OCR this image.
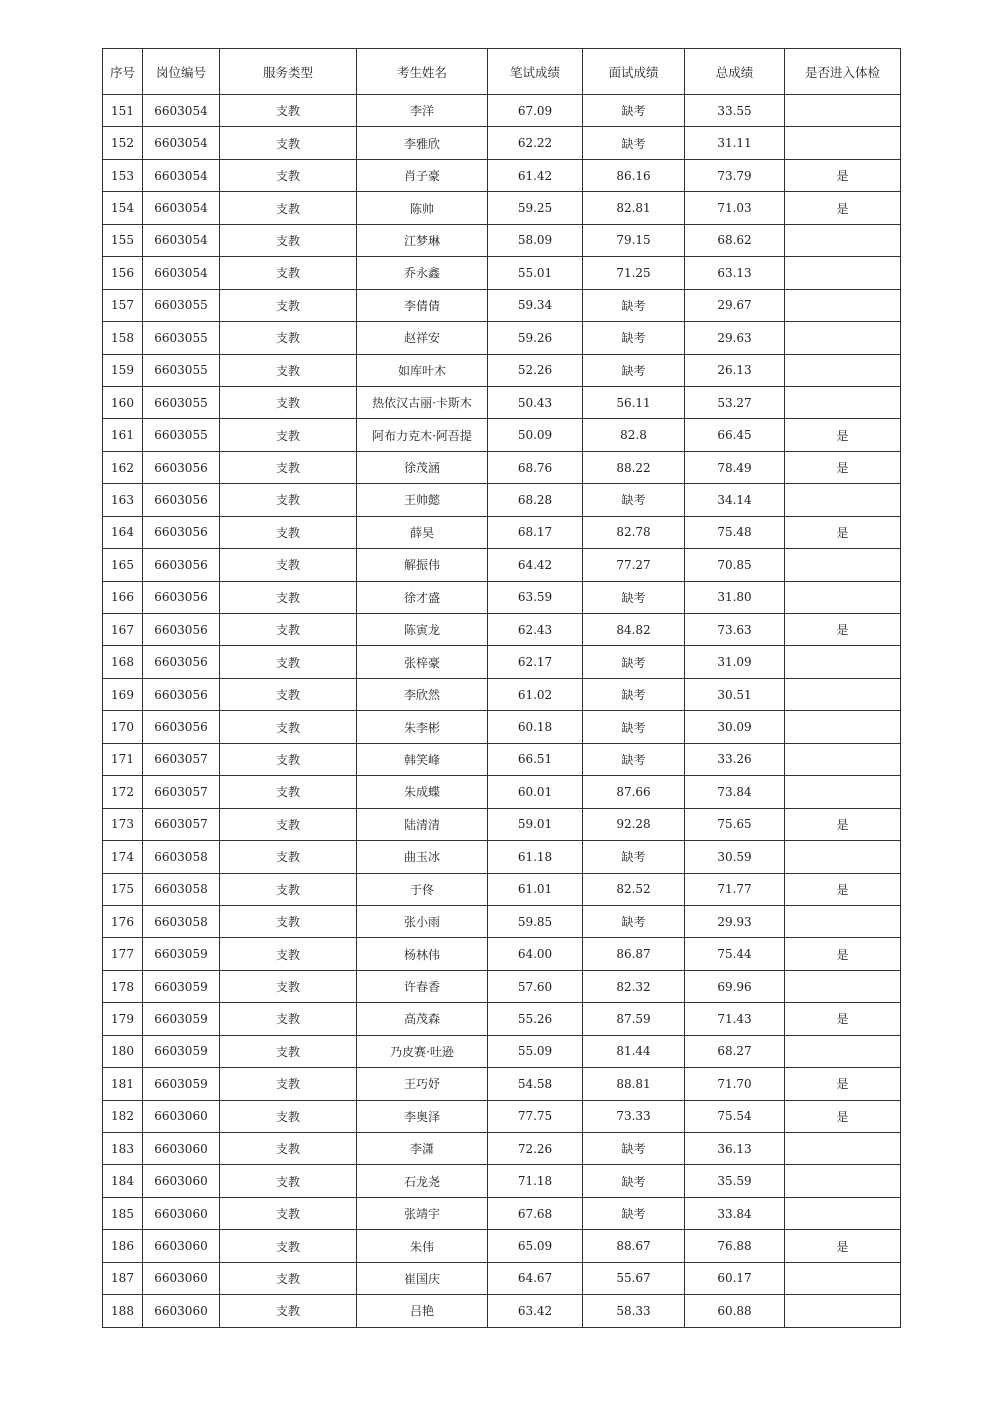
序号	岗位编号	服务类型	考生姓名	笔试成绩	面试成绩	总成绩	是否进入体检
151	6603054	支教	李洋	67.09	缺考	33.55	
152	6603054	支教	李雅欣	62.22	缺考	31.11	
153	6603054	支教	肖子豪	61.42	86.16	73.79	是
154	6603054	支教	陈帅	59.25	82.81	71.03	是
155	6603054	支教	江梦琳	58.09	79.15	68.62	
156	6603054	支教	乔永鑫	55.01	71.25	63.13	
157	6603055	支教	李倩倩	59.34	缺考	29.67	
158	6603055	支教	赵祥安	59.26	缺考	29.63	
159	6603055	支教	如库叶木	52.26	缺考	26.13	
160	6603055	支教	热依汉古丽·卡斯木	50.43	56.11	53.27	
161	6603055	支教	阿布力克木·阿吾提	50.09	82.8	66.45	是
162	6603056	支教	徐茂涵	68.76	88.22	78.49	是
163	6603056	支教	王帅懿	68.28	缺考	34.14	
164	6603056	支教	薛昊	68.17	82.78	75.48	是
165	6603056	支教	解振伟	64.42	77.27	70.85	
166	6603056	支教	徐才盛	63.59	缺考	31.80	
167	6603056	支教	陈寅龙	62.43	84.82	73.63	是
168	6603056	支教	张梓豪	62.17	缺考	31.09	
169	6603056	支教	李欣然	61.02	缺考	30.51	
170	6603056	支教	朱李彬	60.18	缺考	30.09	
171	6603057	支教	韩笑峰	66.51	缺考	33.26	
172	6603057	支教	朱成蝶	60.01	87.66	73.84	
173	6603057	支教	陆清清	59.01	92.28	75.65	是
174	6603058	支教	曲玉冰	61.18	缺考	30.59	
175	6603058	支教	于佟	61.01	82.52	71.77	是
176	6603058	支教	张小雨	59.85	缺考	29.93	
177	6603059	支教	杨林伟	64.00	86.87	75.44	是
178	6603059	支教	许春香	57.60	82.32	69.96	
179	6603059	支教	高茂森	55.26	87.59	71.43	是
180	6603059	支教	乃皮赛·吐逊	55.09	81.44	68.27	
181	6603059	支教	王巧妤	54.58	88.81	71.70	是
182	6603060	支教	李奥泽	77.75	73.33	75.54	是
183	6603060	支教	李潇	72.26	缺考	36.13	
184	6603060	支教	石龙尧	71.18	缺考	35.59	
185	6603060	支教	张靖宇	67.68	缺考	33.84	
186	6603060	支教	朱伟	65.09	88.67	76.88	是
187	6603060	支教	崔国庆	64.67	55.67	60.17	
188	6603060	支教	吕艳	63.42	58.33	60.88	
